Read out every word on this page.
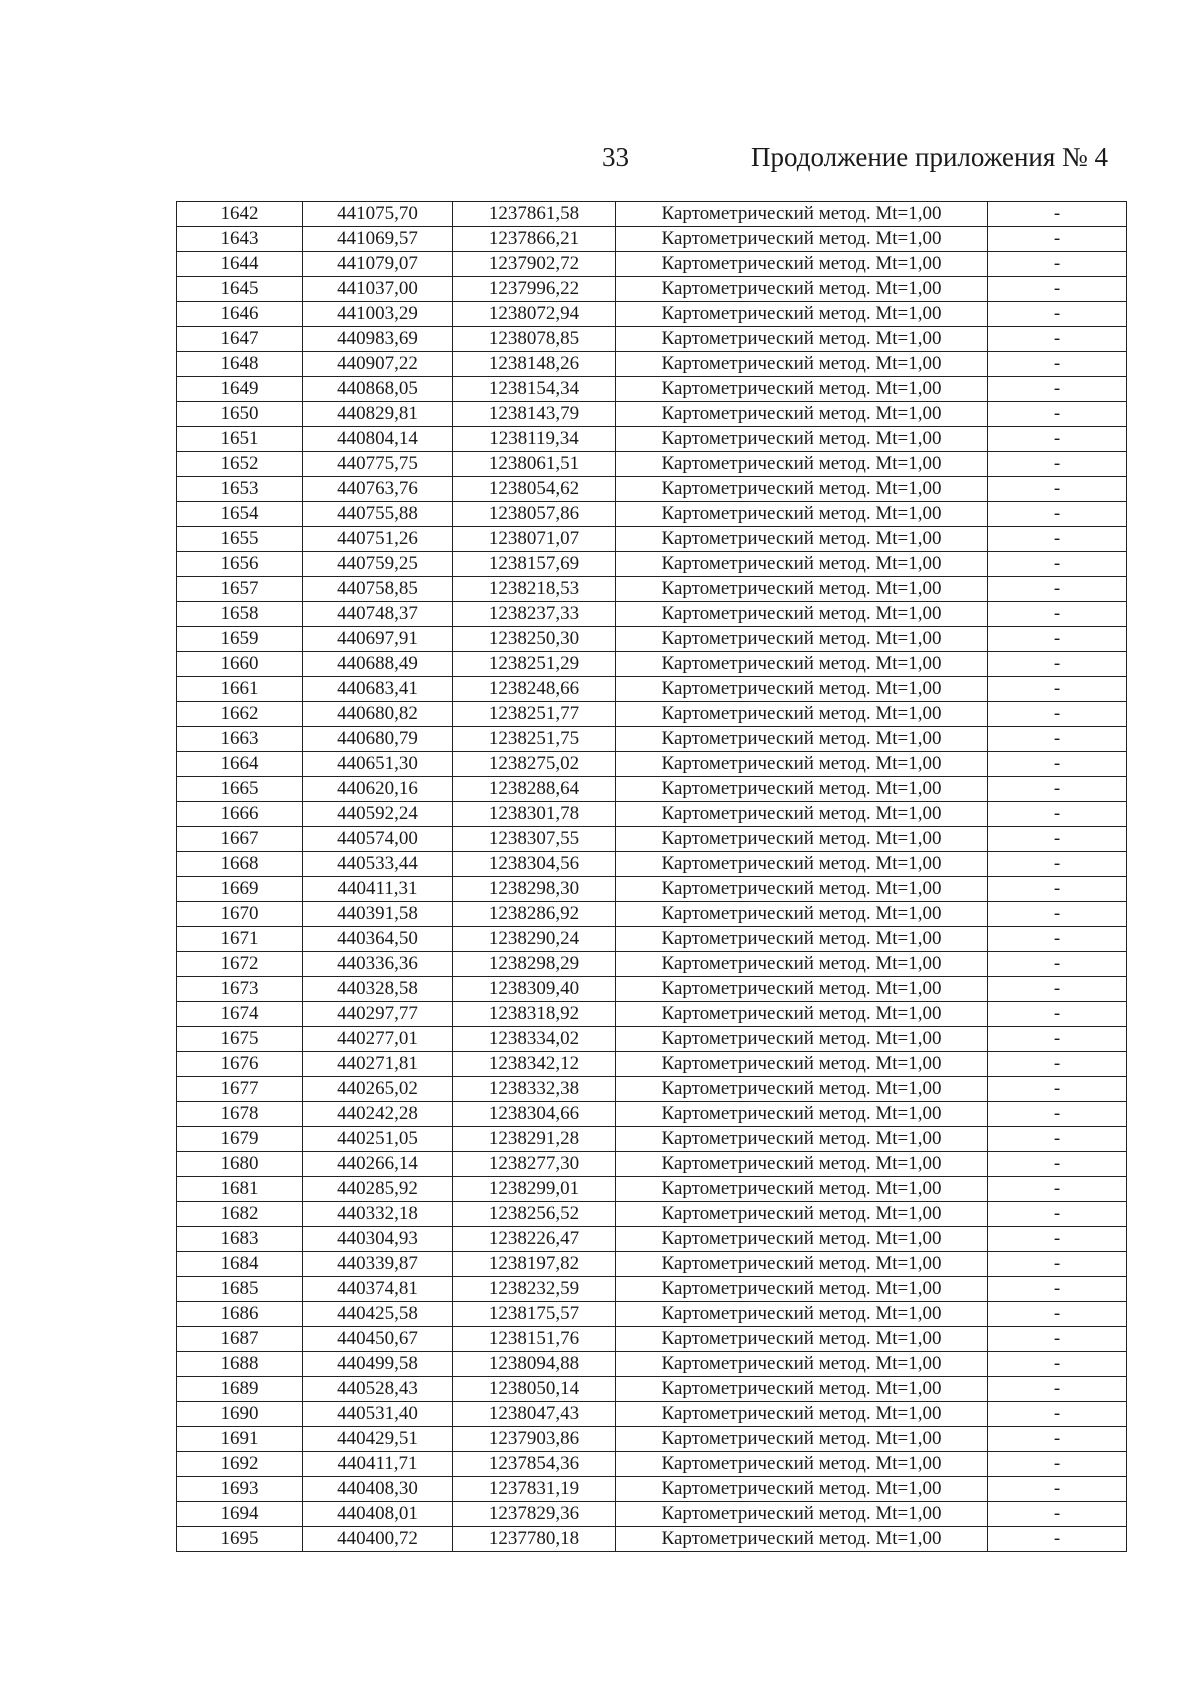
33	Продолжение приложения № 4
1642	441075,70	1237861,58	Картометрический метод. Mt=1,00	-
1643	441069,57	1237866,21	Картометрический метод. Mt=1,00	-
1644	441079,07	1237902,72	Картометрический метод. Mt=1,00	-
1645	441037,00	1237996,22	Картометрический метод. Mt=1,00	-
1646	441003,29	1238072,94	Картометрический метод. Mt=1,00	-
1647	440983,69	1238078,85	Картометрический метод. Mt=1,00	-
1648	440907,22	1238148,26	Картометрический метод. Mt=1,00	-
1649	440868,05	1238154,34	Картометрический метод. Mt=1,00	-
1650	440829,81	1238143,79	Картометрический метод. Mt=1,00	-
1651	440804,14	1238119,34	Картометрический метод. Mt=1,00	-
1652	440775,75	1238061,51	Картометрический метод. Mt=1,00	-
1653	440763,76	1238054,62	Картометрический метод. Mt=1,00	-
1654	440755,88	1238057,86	Картометрический метод. Mt=1,00	-
1655	440751,26	1238071,07	Картометрический метод. Mt=1,00	-
1656	440759,25	1238157,69	Картометрический метод. Mt=1,00	-
1657	440758,85	1238218,53	Картометрический метод. Mt=1,00	-
1658	440748,37	1238237,33	Картометрический метод. Mt=1,00	-
1659	440697,91	1238250,30	Картометрический метод. Mt=1,00	-
1660	440688,49	1238251,29	Картометрический метод. Mt=1,00	-
1661	440683,41	1238248,66	Картометрический метод. Mt=1,00	-
1662	440680,82	1238251,77	Картометрический метод. Mt=1,00	-
1663	440680,79	1238251,75	Картометрический метод. Mt=1,00	-
1664	440651,30	1238275,02	Картометрический метод. Mt=1,00	-
1665	440620,16	1238288,64	Картометрический метод. Mt=1,00	-
1666	440592,24	1238301,78	Картометрический метод. Mt=1,00	-
1667	440574,00	1238307,55	Картометрический метод. Mt=1,00	-
1668	440533,44	1238304,56	Картометрический метод. Mt=1,00	-
1669	440411,31	1238298,30	Картометрический метод. Mt=1,00	-
1670	440391,58	1238286,92	Картометрический метод. Mt=1,00	-
1671	440364,50	1238290,24	Картометрический метод. Mt=1,00	-
1672	440336,36	1238298,29	Картометрический метод. Mt=1,00	-
1673	440328,58	1238309,40	Картометрический метод. Mt=1,00	-
1674	440297,77	1238318,92	Картометрический метод. Mt=1,00	-
1675	440277,01	1238334,02	Картометрический метод. Mt=1,00	-
1676	440271,81	1238342,12	Картометрический метод. Mt=1,00	-
1677	440265,02	1238332,38	Картометрический метод. Mt=1,00	-
1678	440242,28	1238304,66	Картометрический метод. Mt=1,00	-
1679	440251,05	1238291,28	Картометрический метод. Mt=1,00	-
1680	440266,14	1238277,30	Картометрический метод. Mt=1,00	-
1681	440285,92	1238299,01	Картометрический метод. Mt=1,00	-
1682	440332,18	1238256,52	Картометрический метод. Mt=1,00	-
1683	440304,93	1238226,47	Картометрический метод. Mt=1,00	-
1684	440339,87	1238197,82	Картометрический метод. Mt=1,00	-
1685	440374,81	1238232,59	Картометрический метод. Mt=1,00	-
1686	440425,58	1238175,57	Картометрический метод. Mt=1,00	-
1687	440450,67	1238151,76	Картометрический метод. Mt=1,00	-
1688	440499,58	1238094,88	Картометрический метод. Mt=1,00	-
1689	440528,43	1238050,14	Картометрический метод. Mt=1,00	-
1690	440531,40	1238047,43	Картометрический метод. Mt=1,00	-
1691	440429,51	1237903,86	Картометрический метод. Mt=1,00	-
1692	440411,71	1237854,36	Картометрический метод. Mt=1,00	-
1693	440408,30	1237831,19	Картометрический метод. Mt=1,00	-
1694	440408,01	1237829,36	Картометрический метод. Mt=1,00	-
1695	440400,72	1237780,18	Картометрический метод. Mt=1,00	-
